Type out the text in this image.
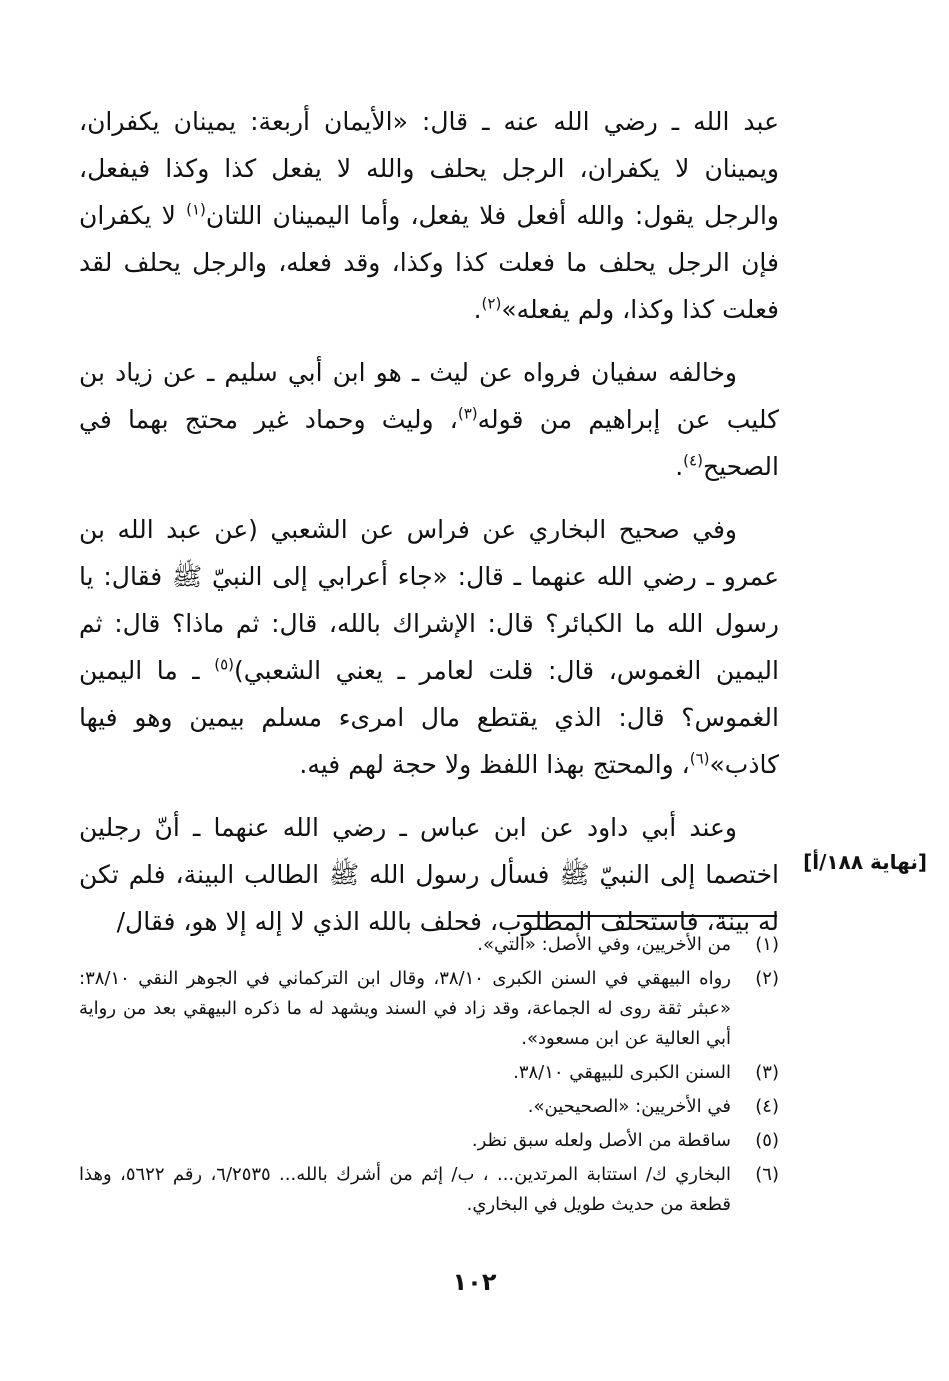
عبد الله ـ رضي الله عنه ـ قال: «الأيمان أربعة: يمينان يكفران، ويمينان لا يكفران، الرجل يحلف والله لا يفعل كذا وكذا فيفعل، والرجل يقول: والله أفعل فلا يفعل، وأما اليمينان اللتان$^{(١)}$ لا يكفران فإن الرجل يحلف ما فعلت كذا وكذا، وقد فعله، والرجل يحلف لقد فعلت كذا وكذا، ولم يفعله»$^{(٢)}$.

وخالفه سفيان فرواه عن ليث ـ هو ابن أبي سليم ـ عن زياد بن كليب عن إبراهيم من قوله$^{(٣)}$، وليث وحماد غير محتج بهما في الصحيح$^{(٤)}$.

وفي صحيح البخاري عن فراس عن الشعبي (عن عبد الله بن عمرو ـ رضي الله عنهما ـ قال: «جاء أعرابي إلى النبيّ ﷺ فقال: يا رسول الله ما الكبائر؟ قال: الإشراك بالله، قال: ثم ماذا؟ قال: ثم اليمين الغموس، قال: قلت لعامر ـ يعني الشعبي)$^{(٥)}$ ـ ما اليمين الغموس؟ قال: الذي يقتطع مال امرىء مسلم بيمين وهو فيها كاذب»$^{(٦)}$، والمحتج بهذا اللفظ ولا حجة لهم فيه.

وعند أبي داود عن ابن عباس ـ رضي الله عنهما ـ أنّ رجلين اختصما إلى النبيّ ﷺ فسأل رسول الله ﷺ الطالب البينة، فلم تكن له بينة، فاستحلف المطلوب، فحلف بالله الذي لا إله إلا هو، فقال/

[نهاية ١٨٨/أ]
(١)
من الأخريين، وفي الأصل: «التي».
(٢)
رواه البيهقي في السنن الكبرى ٣٨/١٠، وقال ابن التركماني في الجوهر النقي ٣٨/١٠: «عبثر ثقة روى له الجماعة، وقد زاد في السند ويشهد له ما ذكره البيهقي بعد من رواية أبي العالية عن ابن مسعود».
(٣)
السنن الكبرى للبيهقي ٣٨/١٠.
(٤)
في الأخريين: «الصحيحين».
(٥)
ساقطة من الأصل ولعله سبق نظر.
(٦)
البخاري ك/ استتابة المرتدين... ، ب/ إثم من أشرك بالله... ٦/٢٥٣٥، رقم ٥٦٢٢، وهذا قطعة من حديث طويل في البخاري.
١٠٢
